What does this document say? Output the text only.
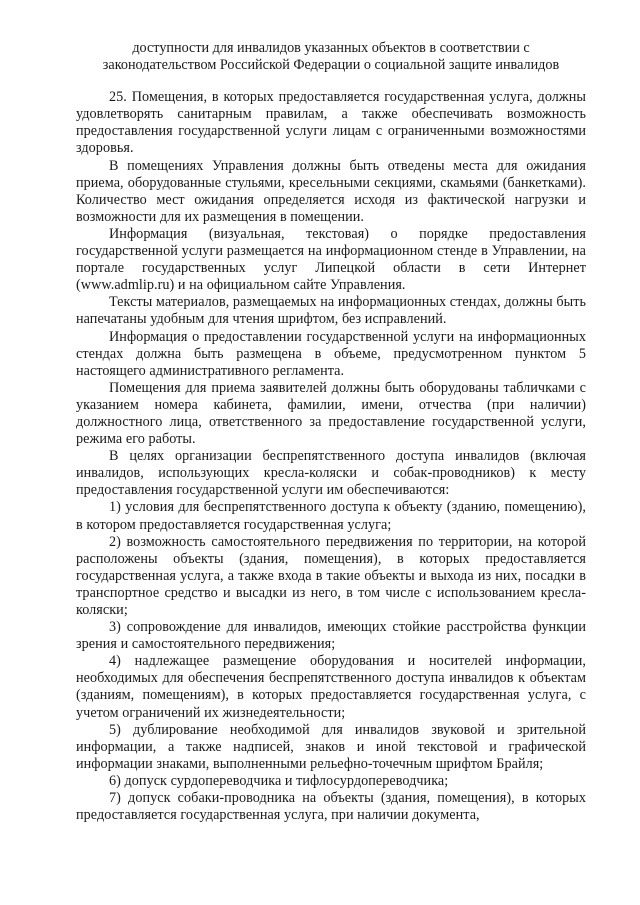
доступности для инвалидов указанных объектов в соответствии с
законодательством Российской Федерации о социальной защите инвалидов

25. Помещения, в которых предоставляется государственная услуга, должны удовлетворять санитарным правилам, а также обеспечивать возможность предоставления государственной услуги лицам с ограниченными возможностями здоровья.

В помещениях Управления должны быть отведены места для ожидания приема, оборудованные стульями, кресельными секциями, скамьями (банкетками). Количество мест ожидания определяется исходя из фактической нагрузки и возможности для их размещения в помещении.

Информация (визуальная, текстовая) о порядке предоставления государственной услуги размещается на информационном стенде в Управлении, на портале государственных услуг Липецкой области в сети Интернет (www.admlip.ru) и на официальном сайте Управления.

Тексты материалов, размещаемых на информационных стендах, должны быть напечатаны удобным для чтения шрифтом, без исправлений.

Информация о предоставлении государственной услуги на информационных стендах должна быть размещена в объеме, предусмотренном пунктом 5 настоящего административного регламента.

Помещения для приема заявителей должны быть оборудованы табличками с указанием номера кабинета, фамилии, имени, отчества (при наличии) должностного лица, ответственного за предоставление государственной услуги, режима его работы.

В целях организации беспрепятственного доступа инвалидов (включая инвалидов, использующих кресла-коляски и собак-проводников) к месту предоставления государственной услуги им обеспечиваются:

1) условия для беспрепятственного доступа к объекту (зданию, помещению), в котором предоставляется государственная услуга;

2) возможность самостоятельного передвижения по территории, на которой расположены объекты (здания, помещения), в которых предоставляется государственная услуга, а также входа в такие объекты и выхода из них, посадки в транспортное средство и высадки из него, в том числе с использованием кресла-коляски;

3) сопровождение для инвалидов, имеющих стойкие расстройства функции зрения и самостоятельного передвижения;

4) надлежащее размещение оборудования и носителей информации, необходимых для обеспечения беспрепятственного доступа инвалидов к объектам (зданиям, помещениям), в которых предоставляется государственная услуга, с учетом ограничений их жизнедеятельности;

5) дублирование необходимой для инвалидов звуковой и зрительной информации, а также надписей, знаков и иной текстовой и графической информации знаками, выполненными рельефно-точечным шрифтом Брайля;

6) допуск сурдопереводчика и тифлосурдопереводчика;

7) допуск собаки-проводника на объекты (здания, помещения), в которых предоставляется государственная услуга, при наличии документа,
